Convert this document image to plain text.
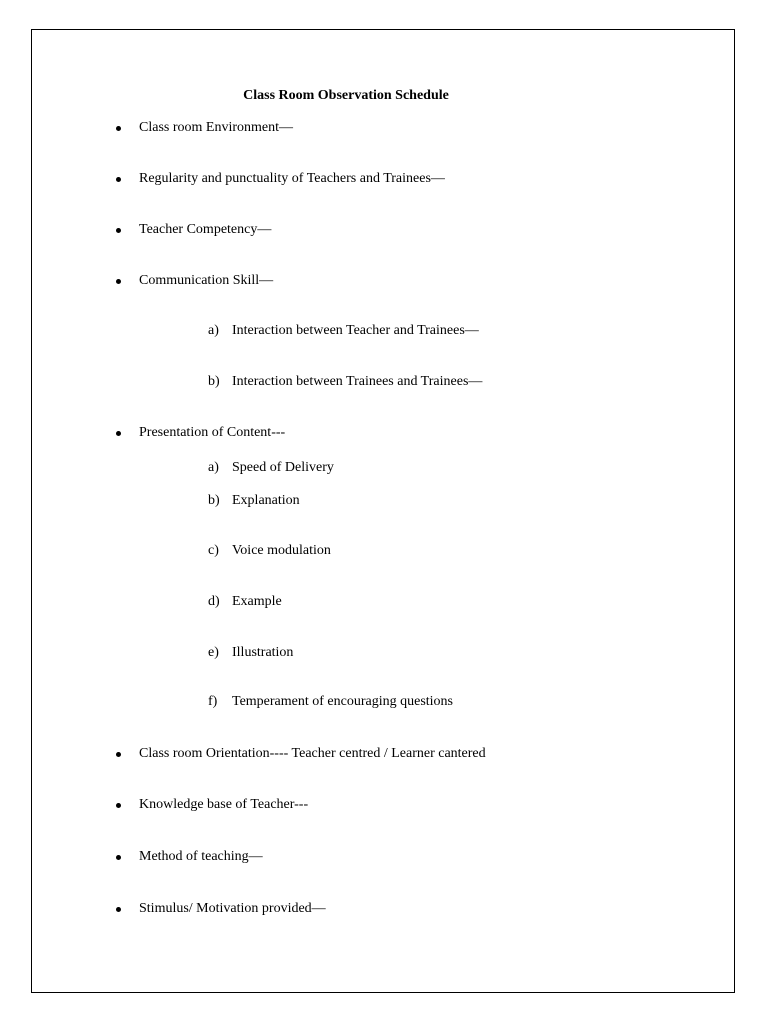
Class Room Observation Schedule
Class room Environment—
Regularity and punctuality of Teachers and Trainees—
Teacher Competency—
Communication Skill—
a) Interaction between Teacher and Trainees—
b) Interaction between Trainees and Trainees—
Presentation of Content---
a) Speed of Delivery
b) Explanation
c) Voice modulation
d) Example
e) Illustration
f) Temperament of encouraging questions
Class room Orientation---- Teacher centred / Learner cantered
Knowledge base of Teacher---
Method of teaching—
Stimulus/ Motivation provided—
